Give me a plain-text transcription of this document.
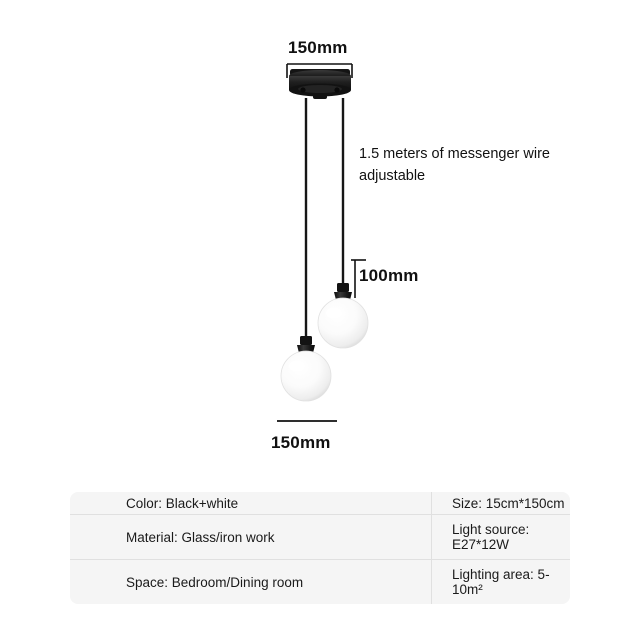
150mm
1.5 meters of messenger wire adjustable
100mm
150mm
Color: Black+white	Size: 15cm*150cm
Material: Glass/iron work	Light source: E27*12W
Space: Bedroom/Dining room	Lighting area: 5-10m²
